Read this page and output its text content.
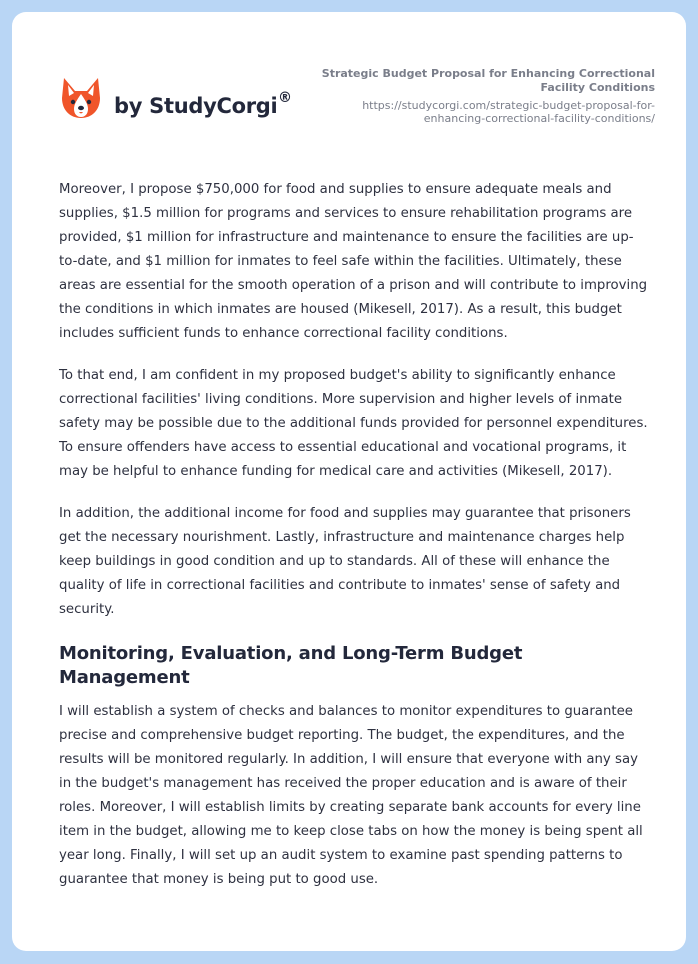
by StudyCorgi ®
Strategic Budget Proposal for Enhancing Correctional Facility Conditions
https://studycorgi.com/strategic-budget-proposal-for-enhancing-correctional-facility-conditions/

Moreover, I propose $750,000 for food and supplies to ensure adequate meals and supplies, $1.5 million for programs and services to ensure rehabilitation programs are provided, $1 million for infrastructure and maintenance to ensure the facilities are up-to-date, and $1 million for inmates to feel safe within the facilities. Ultimately, these areas are essential for the smooth operation of a prison and will contribute to improving the conditions in which inmates are housed (Mikesell, 2017). As a result, this budget includes sufficient funds to enhance correctional facility conditions.

To that end, I am confident in my proposed budget's ability to significantly enhance correctional facilities' living conditions. More supervision and higher levels of inmate safety may be possible due to the additional funds provided for personnel expenditures. To ensure offenders have access to essential educational and vocational programs, it may be helpful to enhance funding for medical care and activities (Mikesell, 2017).

In addition, the additional income for food and supplies may guarantee that prisoners get the necessary nourishment. Lastly, infrastructure and maintenance charges help keep buildings in good condition and up to standards. All of these will enhance the quality of life in correctional facilities and contribute to inmates' sense of safety and security.

Monitoring, Evaluation, and Long-Term Budget Management

I will establish a system of checks and balances to monitor expenditures to guarantee precise and comprehensive budget reporting. The budget, the expenditures, and the results will be monitored regularly. In addition, I will ensure that everyone with any say in the budget's management has received the proper education and is aware of their roles. Moreover, I will establish limits by creating separate bank accounts for every line item in the budget, allowing me to keep close tabs on how the money is being spent all year long. Finally, I will set up an audit system to examine past spending patterns to guarantee that money is being put to good use.
